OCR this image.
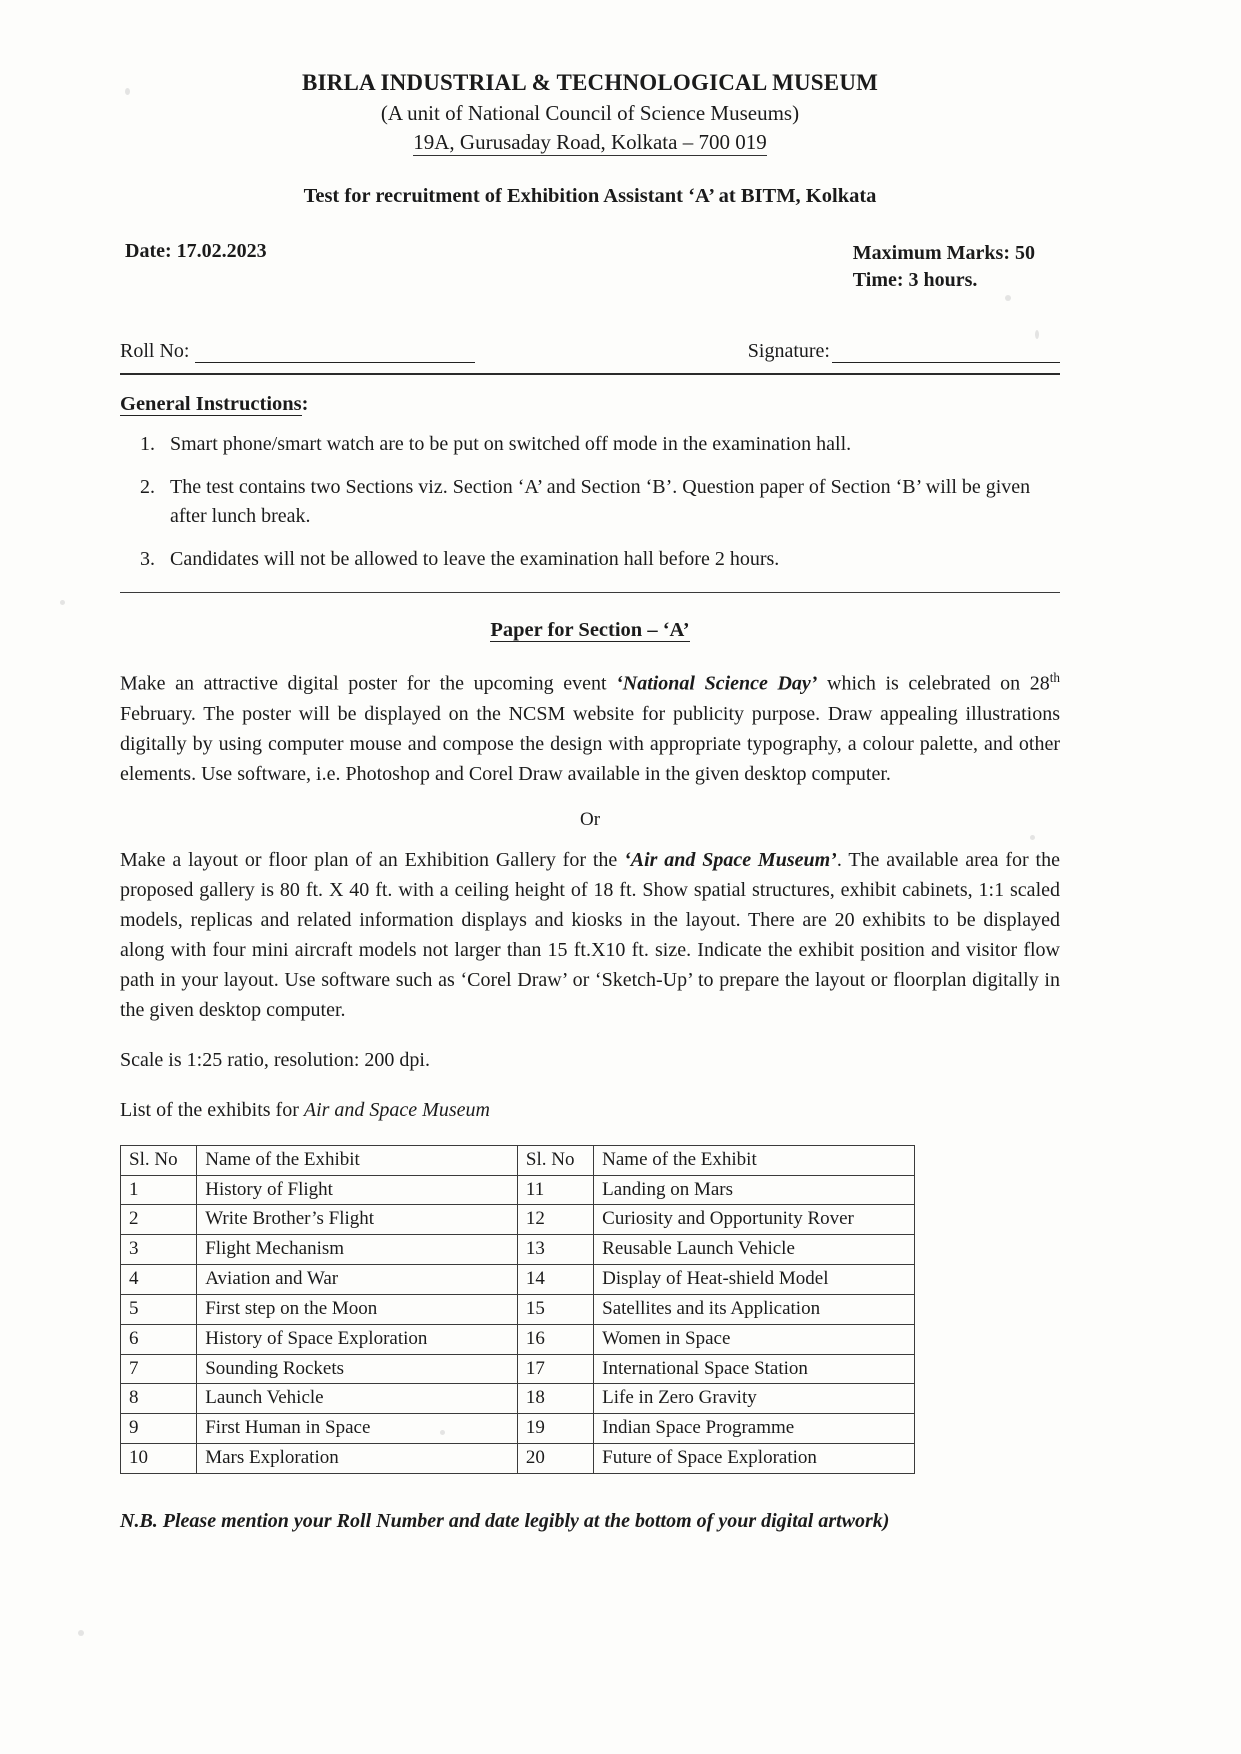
BIRLA INDUSTRIAL & TECHNOLOGICAL MUSEUM
(A unit of National Council of Science Museums)
19A, Gurusaday Road, Kolkata – 700 019
Test for recruitment of Exhibition Assistant ‘A’ at BITM, Kolkata
Date: 17.02.2023	Maximum Marks: 50
Time: 3 hours.
Roll No:	Signature:
General Instructions:
1. Smart phone/smart watch are to be put on switched off mode in the examination hall.
2. The test contains two Sections viz. Section ‘A’ and Section ‘B’. Question paper of Section ‘B’ will be given after lunch break.
3. Candidates will not be allowed to leave the examination hall before 2 hours.
Paper for Section – ‘A’

Make an attractive digital poster for the upcoming event ‘National Science Day’ which is celebrated on 28th February. The poster will be displayed on the NCSM website for publicity purpose. Draw appealing illustrations digitally by using computer mouse and compose the design with appropriate typography, a colour palette, and other elements. Use software, i.e. Photoshop and Corel Draw available in the given desktop computer.

Or

Make a layout or floor plan of an Exhibition Gallery for the ‘Air and Space Museum’. The available area for the proposed gallery is 80 ft. X 40 ft. with a ceiling height of 18 ft. Show spatial structures, exhibit cabinets, 1:1 scaled models, replicas and related information displays and kiosks in the layout. There are 20 exhibits to be displayed along with four mini aircraft models not larger than 15 ft.X10 ft. size. Indicate the exhibit position and visitor flow path in your layout. Use software such as ‘Corel Draw’ or ‘Sketch-Up’ to prepare the layout or floorplan digitally in the given desktop computer.

Scale is 1:25 ratio, resolution: 200 dpi.

List of the exhibits for Air and Space Museum

Sl. No	Name of the Exhibit	Sl. No	Name of the Exhibit
1	History of Flight	11	Landing on Mars
2	Write Brother’s Flight	12	Curiosity and Opportunity Rover
3	Flight Mechanism	13	Reusable Launch Vehicle
4	Aviation and War	14	Display of Heat-shield Model
5	First step on the Moon	15	Satellites and its Application
6	History of Space Exploration	16	Women in Space
7	Sounding Rockets	17	International Space Station
8	Launch Vehicle	18	Life in Zero Gravity
9	First Human in Space	19	Indian Space Programme
10	Mars Exploration	20	Future of Space Exploration
N.B. Please mention your Roll Number and date legibly at the bottom of your digital artwork)
